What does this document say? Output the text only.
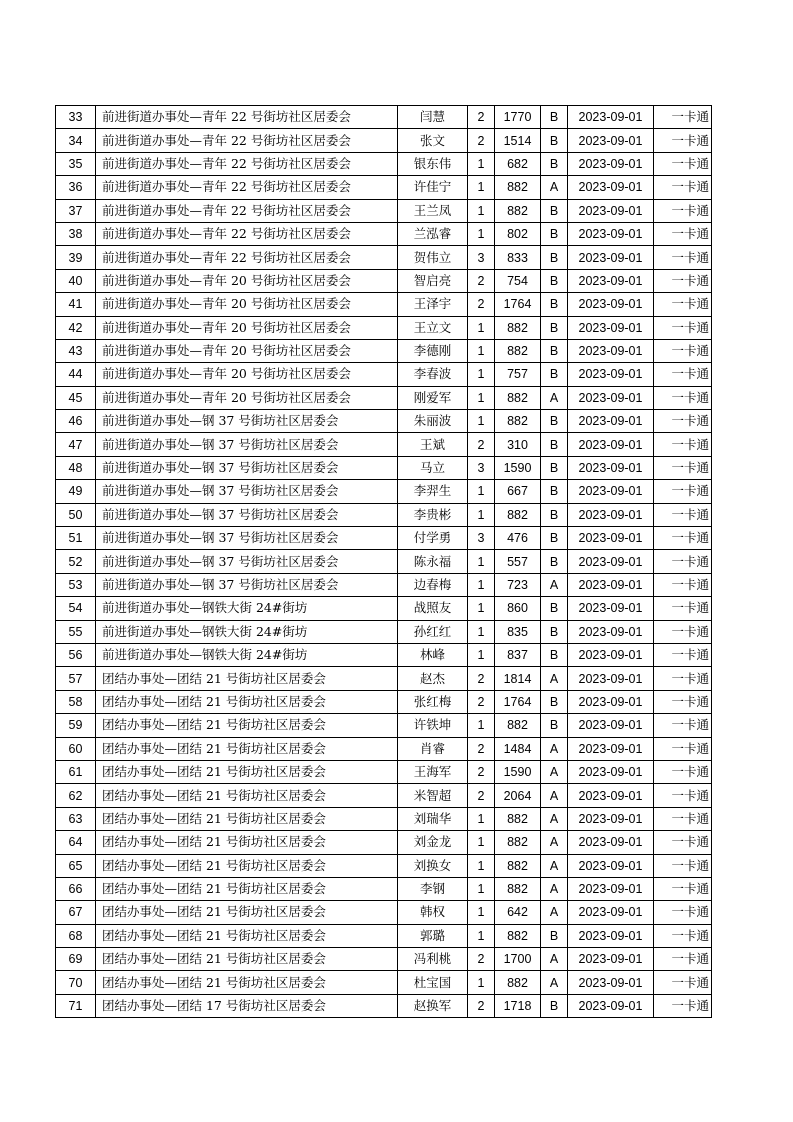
33	前进街道办事处—青年 22 号街坊社区居委会	闫慧	2	1770	B	2023-09-01	一卡通
34	前进街道办事处—青年 22 号街坊社区居委会	张文	2	1514	B	2023-09-01	一卡通
35	前进街道办事处—青年 22 号街坊社区居委会	银东伟	1	682	B	2023-09-01	一卡通
36	前进街道办事处—青年 22 号街坊社区居委会	许佳宁	1	882	A	2023-09-01	一卡通
37	前进街道办事处—青年 22 号街坊社区居委会	王兰凤	1	882	B	2023-09-01	一卡通
38	前进街道办事处—青年 22 号街坊社区居委会	兰泓睿	1	802	B	2023-09-01	一卡通
39	前进街道办事处—青年 22 号街坊社区居委会	贺伟立	3	833	B	2023-09-01	一卡通
40	前进街道办事处—青年 20 号街坊社区居委会	智启亮	2	754	B	2023-09-01	一卡通
41	前进街道办事处—青年 20 号街坊社区居委会	王泽宇	2	1764	B	2023-09-01	一卡通
42	前进街道办事处—青年 20 号街坊社区居委会	王立文	1	882	B	2023-09-01	一卡通
43	前进街道办事处—青年 20 号街坊社区居委会	李德刚	1	882	B	2023-09-01	一卡通
44	前进街道办事处—青年 20 号街坊社区居委会	李春波	1	757	B	2023-09-01	一卡通
45	前进街道办事处—青年 20 号街坊社区居委会	刚爱军	1	882	A	2023-09-01	一卡通
46	前进街道办事处—钢 37 号街坊社区居委会	朱丽波	1	882	B	2023-09-01	一卡通
47	前进街道办事处—钢 37 号街坊社区居委会	王斌	2	310	B	2023-09-01	一卡通
48	前进街道办事处—钢 37 号街坊社区居委会	马立	3	1590	B	2023-09-01	一卡通
49	前进街道办事处—钢 37 号街坊社区居委会	李羿生	1	667	B	2023-09-01	一卡通
50	前进街道办事处—钢 37 号街坊社区居委会	李贵彬	1	882	B	2023-09-01	一卡通
51	前进街道办事处—钢 37 号街坊社区居委会	付学勇	3	476	B	2023-09-01	一卡通
52	前进街道办事处—钢 37 号街坊社区居委会	陈永福	1	557	B	2023-09-01	一卡通
53	前进街道办事处—钢 37 号街坊社区居委会	边春梅	1	723	A	2023-09-01	一卡通
54	前进街道办事处—钢铁大街 24#街坊	战照友	1	860	B	2023-09-01	一卡通
55	前进街道办事处—钢铁大街 24#街坊	孙红红	1	835	B	2023-09-01	一卡通
56	前进街道办事处—钢铁大街 24#街坊	林峰	1	837	B	2023-09-01	一卡通
57	团结办事处—团结 21 号街坊社区居委会	赵杰	2	1814	A	2023-09-01	一卡通
58	团结办事处—团结 21 号街坊社区居委会	张红梅	2	1764	B	2023-09-01	一卡通
59	团结办事处—团结 21 号街坊社区居委会	许铁坤	1	882	B	2023-09-01	一卡通
60	团结办事处—团结 21 号街坊社区居委会	肖睿	2	1484	A	2023-09-01	一卡通
61	团结办事处—团结 21 号街坊社区居委会	王海军	2	1590	A	2023-09-01	一卡通
62	团结办事处—团结 21 号街坊社区居委会	米智超	2	2064	A	2023-09-01	一卡通
63	团结办事处—团结 21 号街坊社区居委会	刘瑞华	1	882	A	2023-09-01	一卡通
64	团结办事处—团结 21 号街坊社区居委会	刘金龙	1	882	A	2023-09-01	一卡通
65	团结办事处—团结 21 号街坊社区居委会	刘换女	1	882	A	2023-09-01	一卡通
66	团结办事处—团结 21 号街坊社区居委会	李钢	1	882	A	2023-09-01	一卡通
67	团结办事处—团结 21 号街坊社区居委会	韩权	1	642	A	2023-09-01	一卡通
68	团结办事处—团结 21 号街坊社区居委会	郭璐	1	882	B	2023-09-01	一卡通
69	团结办事处—团结 21 号街坊社区居委会	冯利桃	2	1700	A	2023-09-01	一卡通
70	团结办事处—团结 21 号街坊社区居委会	杜宝国	1	882	A	2023-09-01	一卡通
71	团结办事处—团结 17 号街坊社区居委会	赵换军	2	1718	B	2023-09-01	一卡通
